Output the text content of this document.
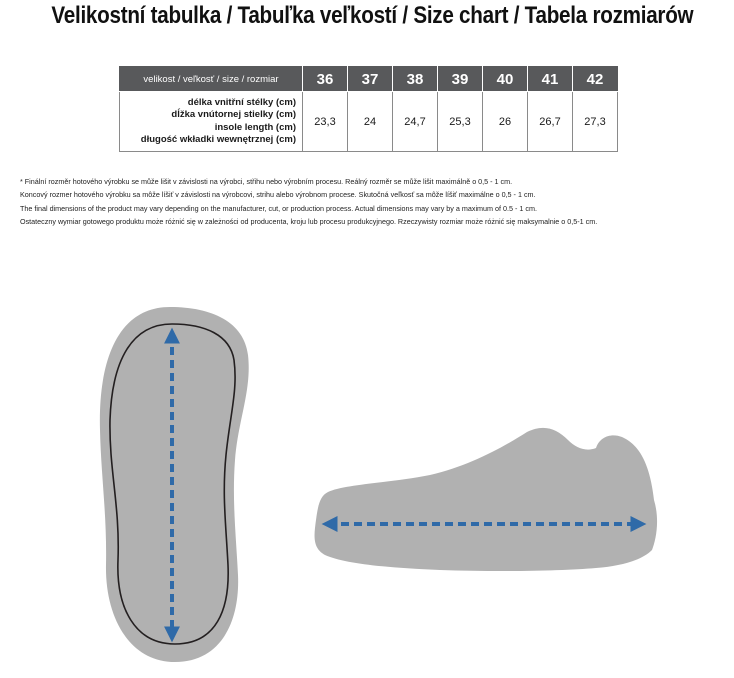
Velikostní tabulka / Tabuľka veľkostí / Size chart / Tabela rozmiarów
velikost / veľkosť / size / rozmiar	36	37	38	39	40	41	42

délka vnitřní stélky (cm)
dĺžka vnútornej stielky (cm)
insole length (cm)
długość wkładki wewnętrznej (cm)	23,3	24	24,7	25,3	26	26,7	27,3
* Finální rozměr hotového výrobku se může lišit v závislosti na výrobci, střihu nebo výrobním procesu. Reálný rozměr se může lišit maximálně o 0,5 - 1 cm.
Koncový rozmer hotového výrobku sa môže líšiť v závislosti na výrobcovi, strihu alebo výrobnom procese. Skutočná veľkosť sa môže líšiť maximálne o 0,5 - 1 cm.
The final dimensions of the product may vary depending on the manufacturer, cut, or production process. Actual dimensions may vary by a maximum of 0.5 - 1 cm.
Ostateczny wymiar gotowego produktu może różnić się w zależności od producenta, kroju lub procesu produkcyjnego. Rzeczywisty rozmiar może różnić się maksymalnie o 0,5-1 cm.
